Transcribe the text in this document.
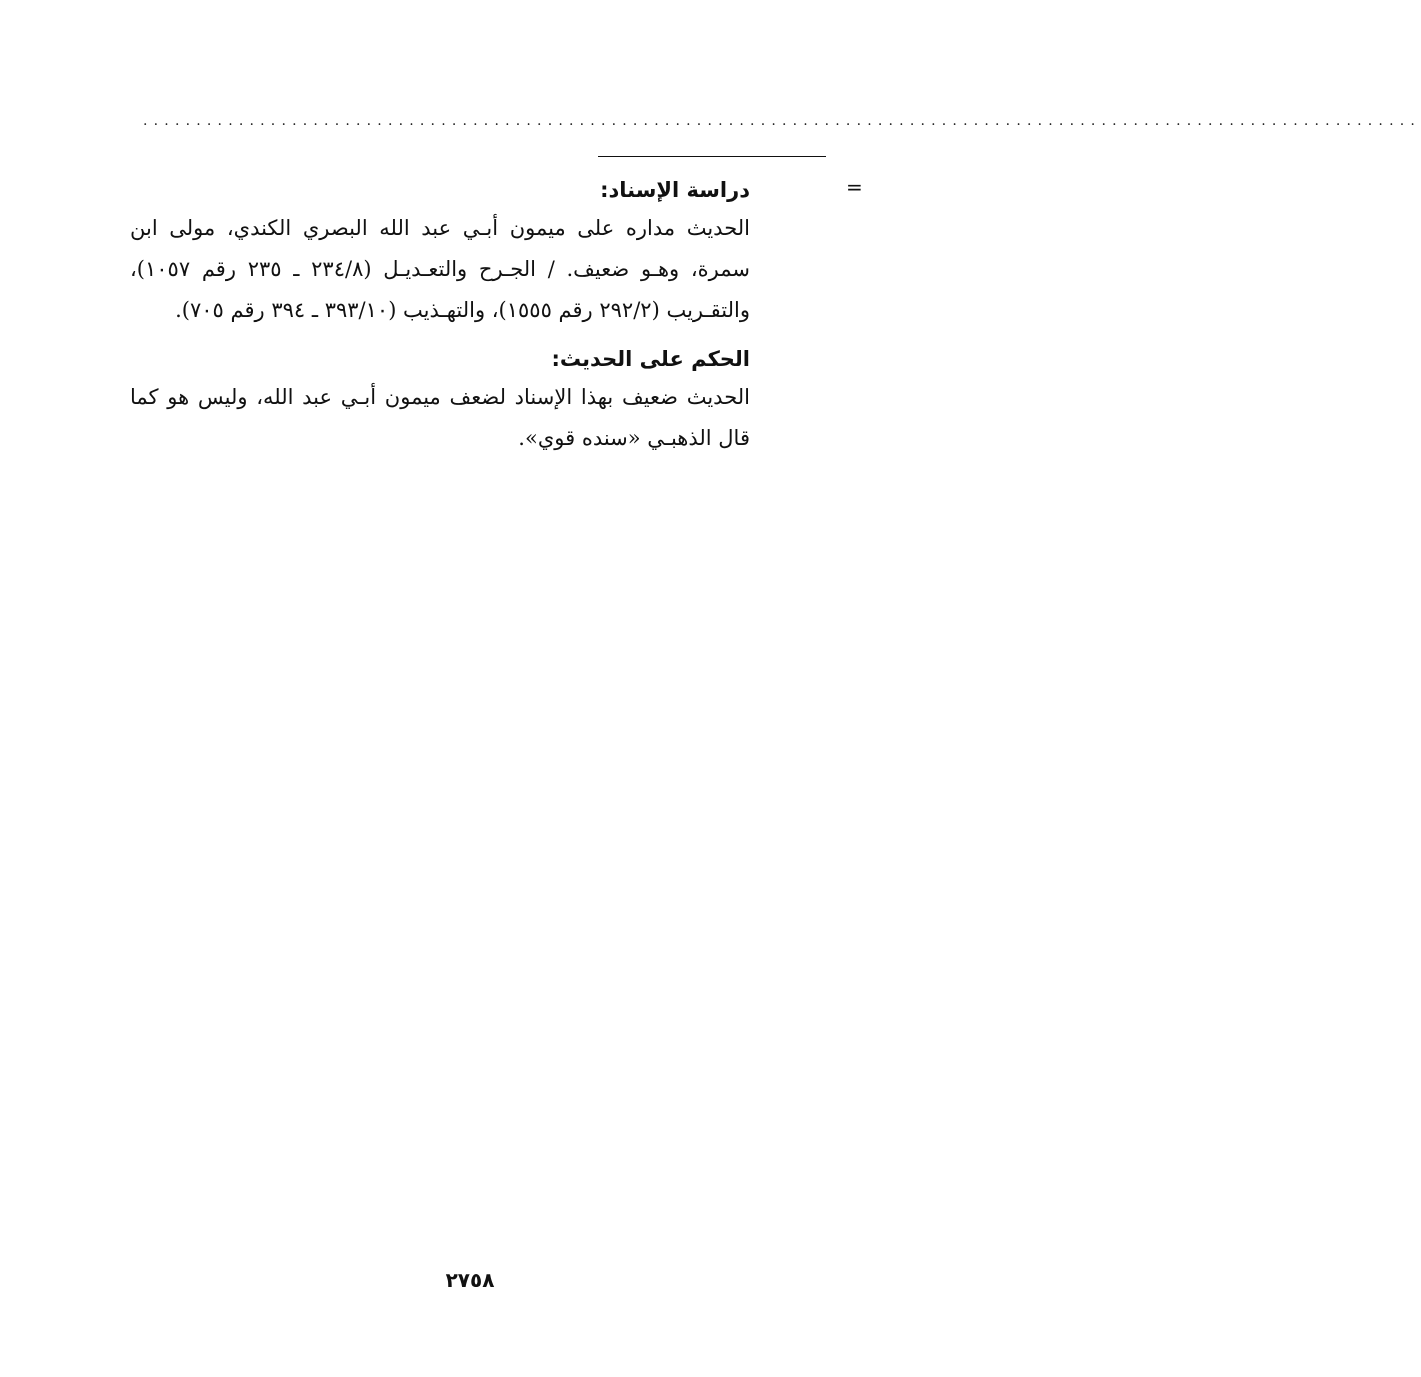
........................................................................................................................
=
دراسة الإسناد:

الحديث مداره على ميمون أبـي عبد الله البصري الكندي، مولى ابن سمرة، وهـو ضعيف. / الجـرح والتعـديـل (٢٣٤/٨ ـ ٢٣٥ رقم ١٠٥٧)، والتقـريب (٢٩٢/٢ رقم ١٥٥٥)، والتهـذيب (٣٩٣/١٠ ـ ٣٩٤ رقم ٧٠٥).

الحكم على الحديث:

الحديث ضعيف بهذا الإسناد لضعف ميمون أبـي عبد الله، وليس هو كما قال الذهبـي «سنده قوي».

٢٧٥٨
